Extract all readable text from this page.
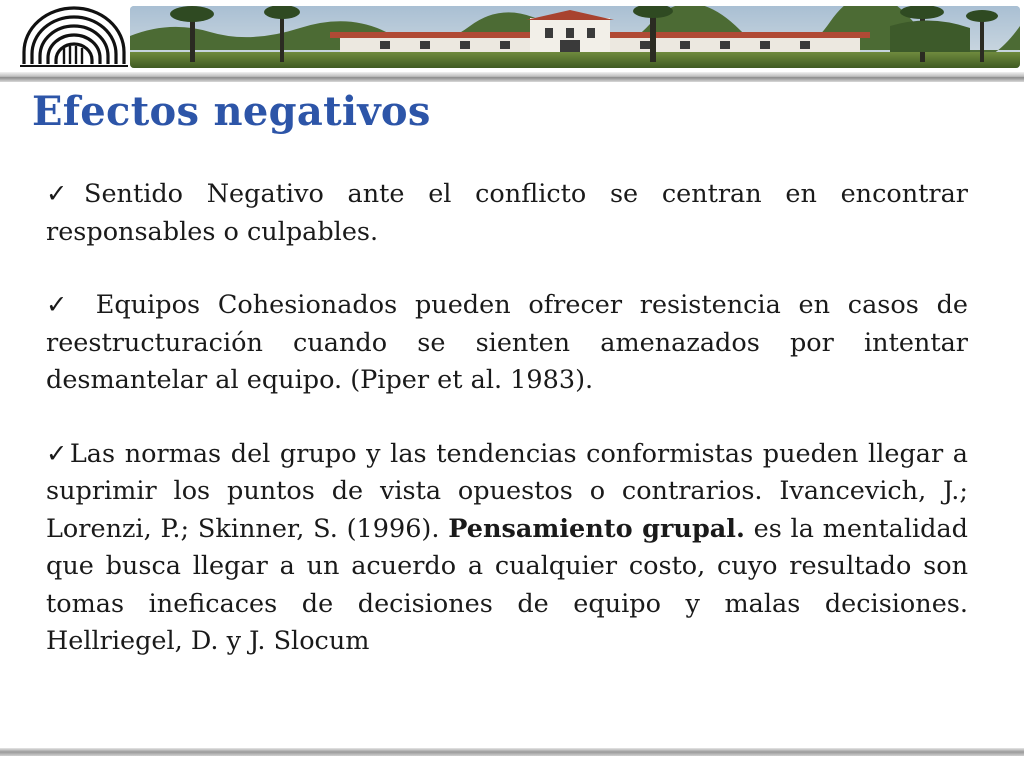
Efectos negativos

✓Sentido Negativo ante el conflicto se centran en encontrar responsables o culpables.

✓ Equipos Cohesionados pueden ofrecer resistencia en casos de reestructuración cuando se sienten amenazados por intentar desmantelar al equipo. (Piper et al. 1983).

✓Las normas del grupo y las tendencias conformistas pueden llegar a suprimir los puntos de vista opuestos o contrarios. Ivancevich, J.; Lorenzi, P.; Skinner, S. (1996). Pensamiento grupal. es la mentalidad que busca llegar a un acuerdo a cualquier costo, cuyo resultado son tomas ineficaces de decisiones de equipo y malas decisiones. Hellriegel, D. y J. Slocum
